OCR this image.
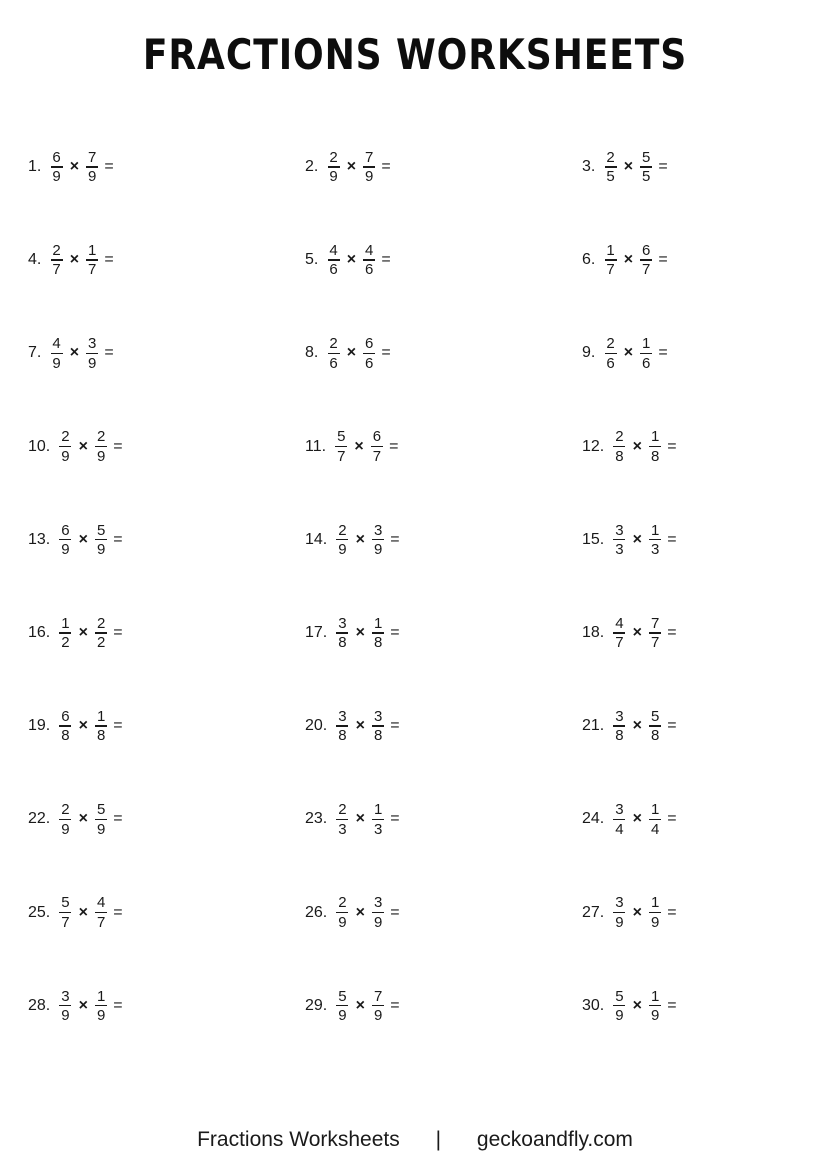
FRACTIONS WORKSHEETS
1. $\frac{6}{9} \times \frac{7}{9}$ =	2. $\frac{2}{9} \times \frac{7}{9}$ =	3. $\frac{2}{5} \times \frac{5}{5}$ =
4. $\frac{2}{7} \times \frac{1}{7}$ =	5. $\frac{4}{6} \times \frac{4}{6}$ =	6. $\frac{1}{7} \times \frac{6}{7}$ =
7. $\frac{4}{9} \times \frac{3}{9}$ =	8. $\frac{2}{6} \times \frac{6}{6}$ =	9. $\frac{2}{6} \times \frac{1}{6}$ =
10. $\frac{2}{9} \times \frac{2}{9}$ =	11. $\frac{5}{7} \times \frac{6}{7}$ =	12. $\frac{2}{8} \times \frac{1}{8}$ =
13. $\frac{6}{9} \times \frac{5}{9}$ =	14. $\frac{2}{9} \times \frac{3}{9}$ =	15. $\frac{3}{3} \times \frac{1}{3}$ =
16. $\frac{1}{2} \times \frac{2}{2}$ =	17. $\frac{3}{8} \times \frac{1}{8}$ =	18. $\frac{4}{7} \times \frac{7}{7}$ =
19. $\frac{6}{8} \times \frac{1}{8}$ =	20. $\frac{3}{8} \times \frac{3}{8}$ =	21. $\frac{3}{8} \times \frac{5}{8}$ =
22. $\frac{2}{9} \times \frac{5}{9}$ =	23. $\frac{2}{3} \times \frac{1}{3}$ =	24. $\frac{3}{4} \times \frac{1}{4}$ =
25. $\frac{5}{7} \times \frac{4}{7}$ =	26. $\frac{2}{9} \times \frac{3}{9}$ =	27. $\frac{3}{9} \times \frac{1}{9}$ =
28. $\frac{3}{9} \times \frac{1}{9}$ =	29. $\frac{5}{9} \times \frac{7}{9}$ =	30. $\frac{5}{9} \times \frac{1}{9}$ =
Fractions Worksheets | geckoandfly.com
